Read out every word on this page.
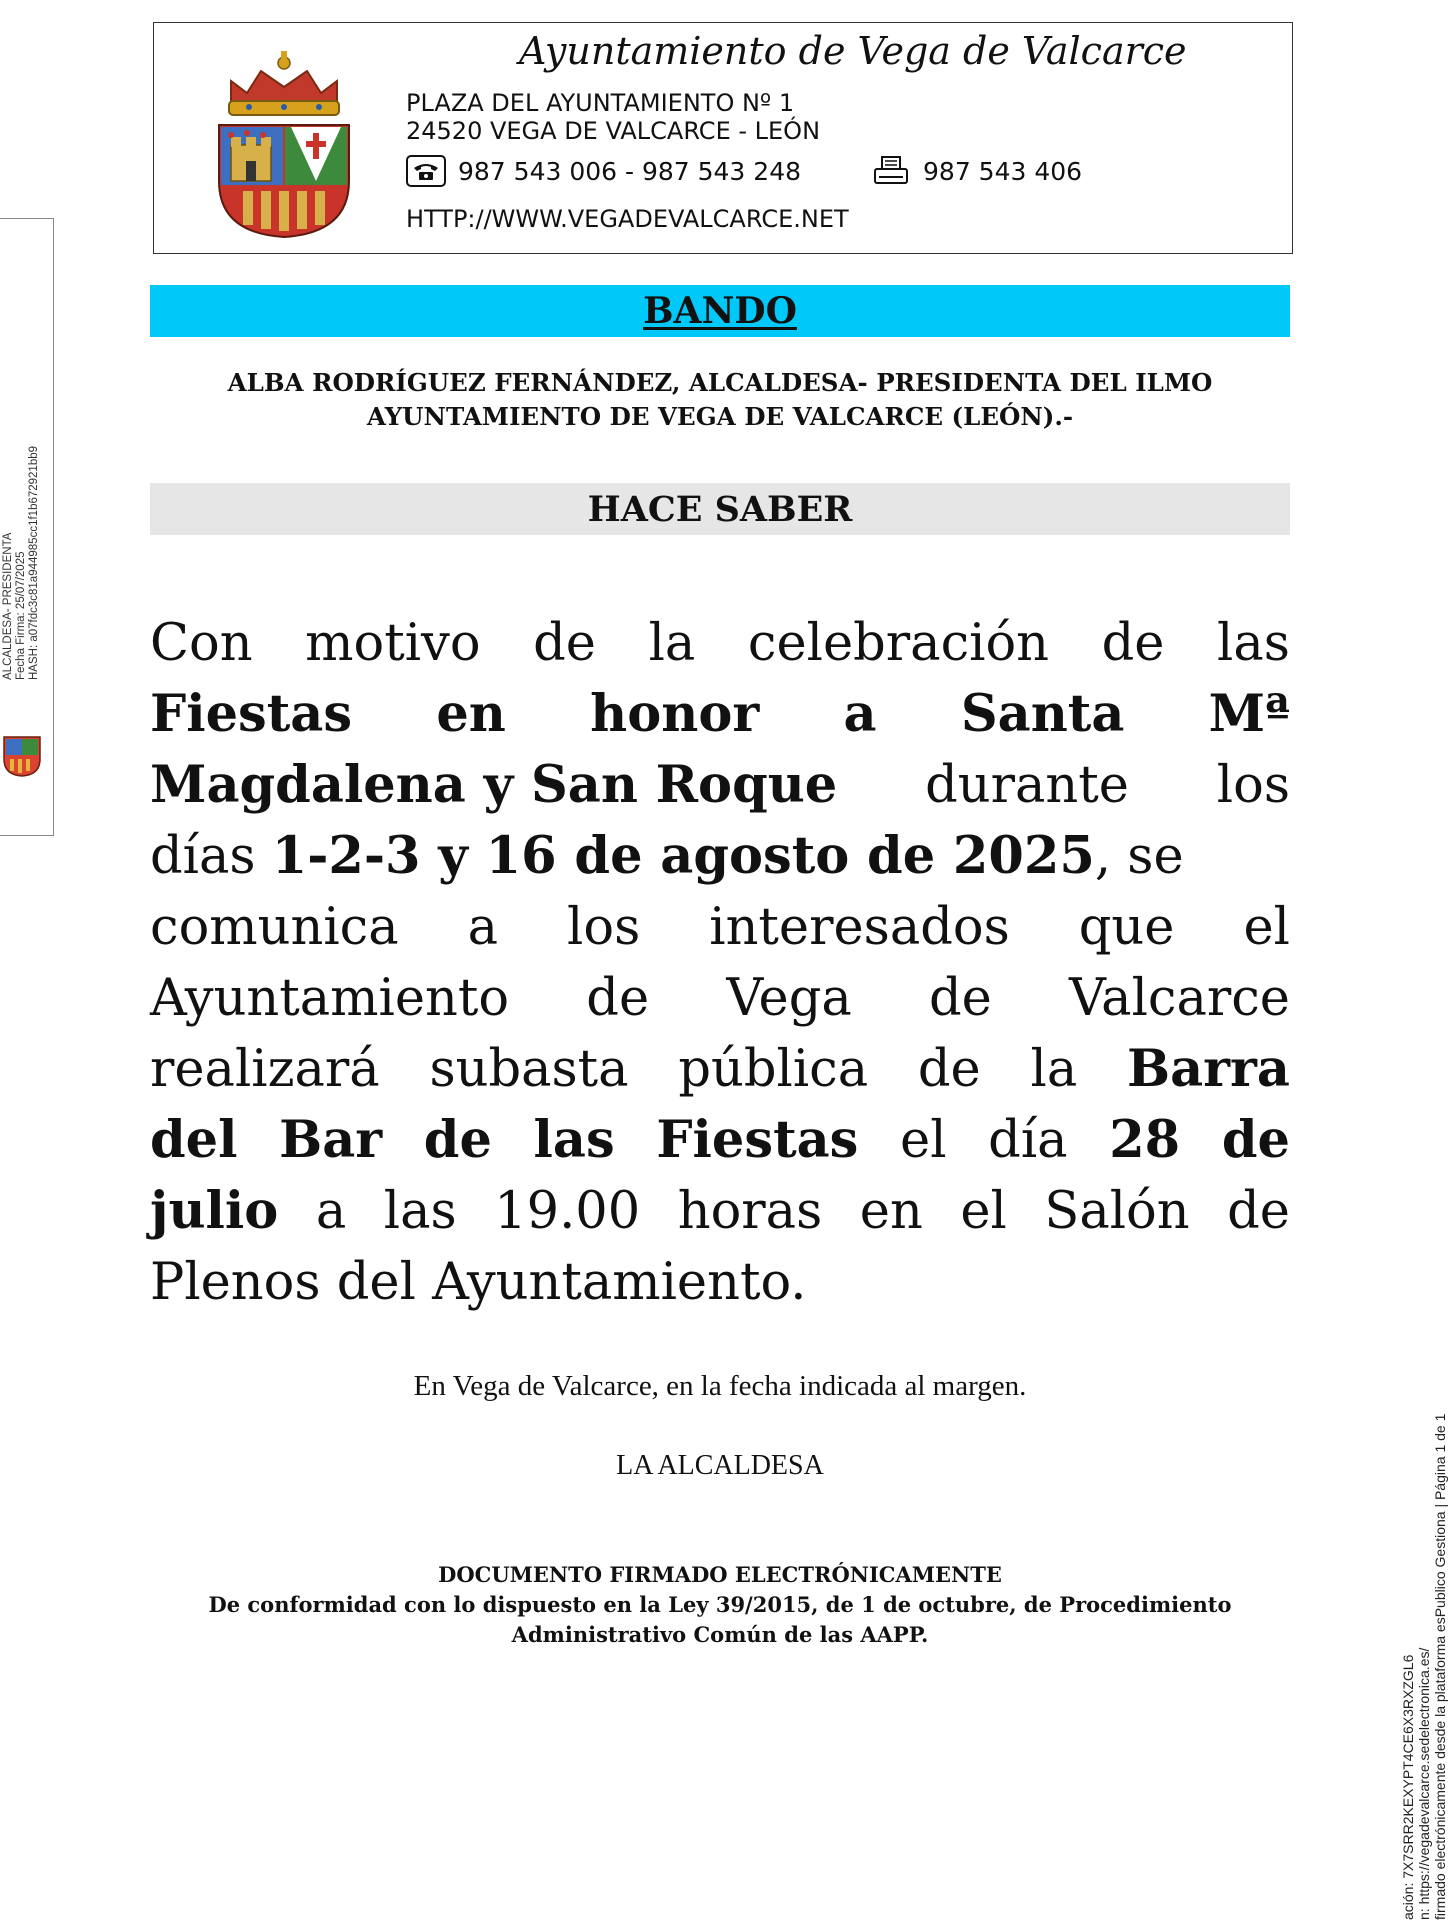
Ayuntamiento de Vega de Valcarce
PLAZA DEL AYUNTAMIENTO Nº 1
24520 VEGA DE VALCARCE - LEÓN
987 543 006 - 987 543 248	987 543 406
HTTP://WWW.VEGADEVALCARCE.NET
BANDO
ALBA RODRÍGUEZ FERNÁNDEZ, ALCALDESA- PRESIDENTA DEL ILMO
AYUNTAMIENTO DE VEGA DE VALCARCE (LEÓN).-
HACE SABER
Con motivo de la celebración de las
Fiestas en honor a Santa Mª
Magdalena y San Roque durante los
días 1-2-3 y 16 de agosto de 2025, se
comunica a los interesados que el
Ayuntamiento de Vega de Valcarce
realizará subasta pública de la Barra
del Bar de las Fiestas el día 28 de
julio a las 19.00 horas en el Salón de
Plenos del Ayuntamiento.
En Vega de Valcarce, en la fecha indicada al margen.
LA ALCALDESA
DOCUMENTO FIRMADO ELECTRÓNICAMENTE
De conformidad con lo dispuesto en la Ley 39/2015, de 1 de octubre, de Procedimiento
Administrativo Común de las AAPP.
ALCALDESA- PRESIDENTA Fecha Firma: 25/07/2025 HASH: a07fdc3c81a944985cc1f1b672921bb9
ación: 7X7SRR2KEXYPT4CE6X3RXZGL6 n: https://vegadevalcarce.sedelectronica.es/ firmado electrónicamente desde la plataforma esPublico Gestiona | Página 1 de 1
